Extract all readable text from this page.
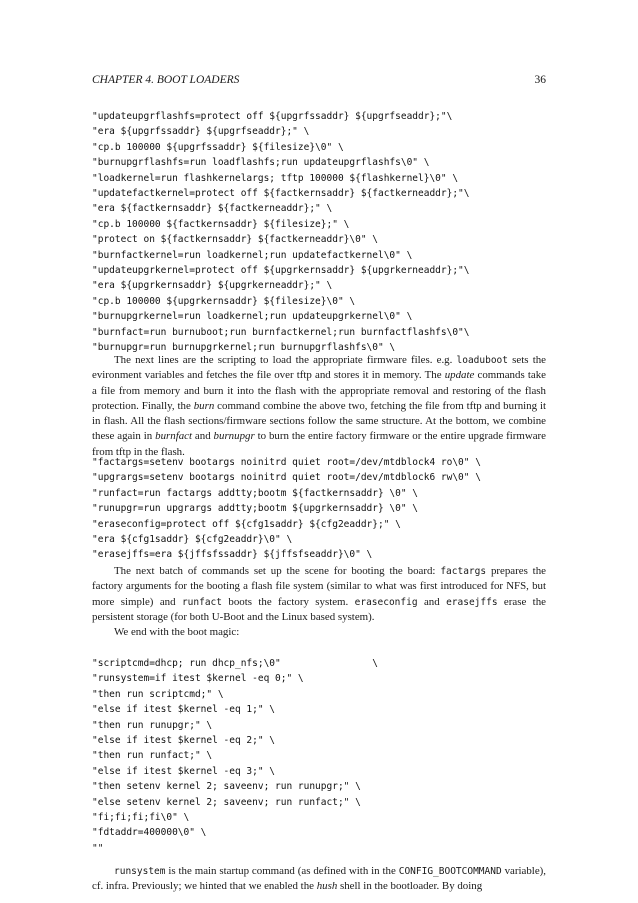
CHAPTER 4. BOOT LOADERS	36
"updateupgrflashfs=protect off ${upgrfssaddr} ${upgrfseaddr};"\
"era ${upgrfssaddr} ${upgrfseaddr};" \
"cp.b 100000 ${upgrfssaddr} ${filesize}\0" \
"burnupgrflashfs=run loadflashfs;run updateupgrflashfs\0" \
"loadkernel=run flashkernelargs; tftp 100000 ${flashkernel}\0" \
"updatefactkernel=protect off ${factkernsaddr} ${factkerneaddr};"\
"era ${factkernsaddr} ${factkerneaddr};" \
"cp.b 100000 ${factkernsaddr} ${filesize};" \
"protect on ${factkernsaddr} ${factkerneaddr}\0" \
"burnfactkernel=run loadkernel;run updatefactkernel\0" \
"updateupgrkernel=protect off ${upgrkernsaddr} ${upgrkerneaddr};"\
"era ${upgrkernsaddr} ${upgrkerneaddr};" \
"cp.b 100000 ${upgrkernsaddr} ${filesize}\0" \
"burnupgrkernel=run loadkernel;run updateupgrkernel\0" \
"burnfact=run burnuboot;run burnfactkernel;run burnfactflashfs\0"\
"burnupgr=run burnupgrkernel;run burnupgrflashfs\0" \

The next lines are the scripting to load the appropriate firmware files. e.g. loaduboot sets the evironment variables and fetches the file over tftp and stores it in memory. The update commands take a file from memory and burn it into the flash with the appropriate removal and restoring of the flash protection. Finally, the burn command combine the above two, fetching the file from tftp and burning it in flash. All the flash sections/firmware sections follow the same structure. At the bottom, we combine these again in burnfact and burnupgr to burn the entire factory firmware or the entire upgrade firmware from tftp in the flash.

"factargs=setenv bootargs noinitrd quiet root=/dev/mtdblock4 ro\0" \
"upgrargs=setenv bootargs noinitrd quiet root=/dev/mtdblock6 rw\0" \
"runfact=run factargs addtty;bootm ${factkernsaddr} \0" \
"runupgr=run upgrargs addtty;bootm ${upgrkernsaddr} \0" \
"eraseconfig=protect off ${cfg1saddr} ${cfg2eaddr};" \
"era ${cfg1saddr} ${cfg2eaddr}\0" \
"erasejffs=era ${jffsfssaddr} ${jffsfseaddr}\0" \

The next batch of commands set up the scene for booting the board: factargs prepares the factory arguments for the booting a flash file system (similar to what was first introduced for NFS, but more simple) and runfact boots the factory system. eraseconfig and erasejffs erase the persistent storage (for both U-Boot and the Linux based system).

We end with the boot magic:

"scriptcmd=dhcp; run dhcp_nfs;\0"                \
"runsystem=if itest $kernel -eq 0;" \
"then run scriptcmd;" \
"else if itest $kernel -eq 1;" \
"then run runupgr;" \
"else if itest $kernel -eq 2;" \
"then run runfact;" \
"else if itest $kernel -eq 3;" \
"then setenv kernel 2; saveenv; run runupgr;" \
"else setenv kernel 2; saveenv; run runfact;" \
"fi;fi;fi;fi\0" \
"fdtaddr=400000\0" \
""

runsystem is the main startup command (as defined with in the CONFIG_BOOTCOMMAND variable), cf. infra. Previously; we hinted that we enabled the hush shell in the bootloader. By doing
